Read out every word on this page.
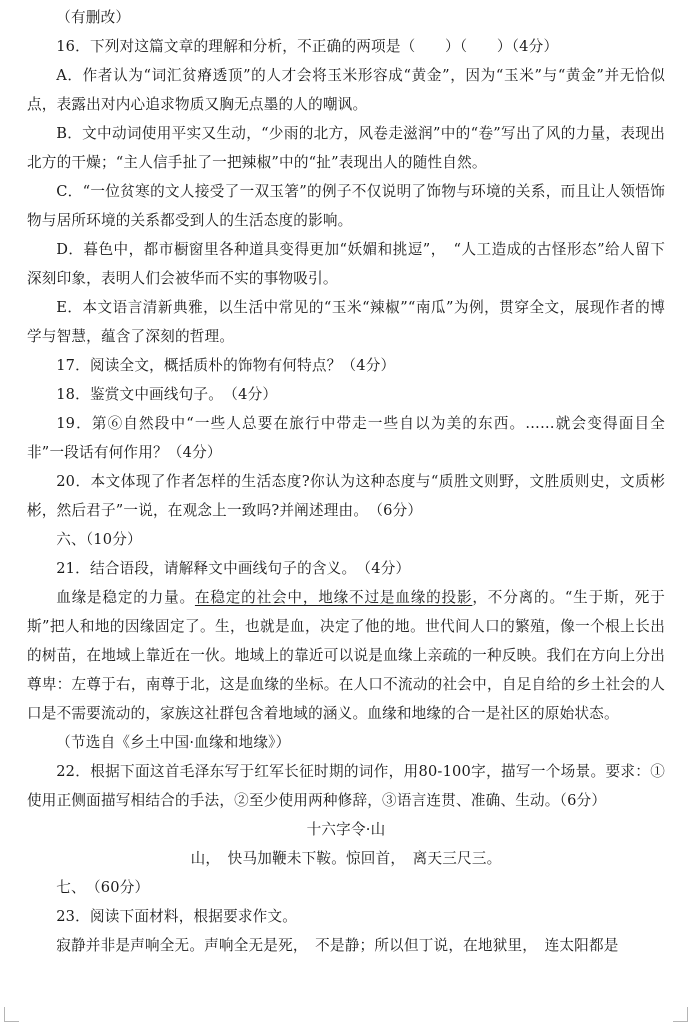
（有删改）

16．下列对这篇文章的理解和分析，不正确的两项是（　　）（　　）（4分）

A．作者认为“词汇贫瘠透顶”的人才会将玉米形容成“黄金”，因为“玉米”与“黄金”并无恰似点，表露出对内心追求物质又胸无点墨的人的嘲讽。

B．文中动词使用平实又生动，“少雨的北方，风卷走滋润”中的“卷”写出了风的力量，表现出北方的干燥；“主人信手扯了一把辣椒”中的“扯”表现出人的随性自然。

C．“一位贫寒的文人接受了一双玉箸”的例子不仅说明了饰物与环境的关系，而且让人领悟饰物与居所环境的关系都受到人的生活态度的影响。

D．暮色中，都市橱窗里各种道具变得更加“妖媚和挑逗”，　“人工造成的古怪形态”给人留下深刻印象，表明人们会被华而不实的事物吸引。

E．本文语言清新典雅，以生活中常见的“玉米“辣椒”“南瓜”为例，贯穿全文，展现作者的博学与智慧，蕴含了深刻的哲理。

17．阅读全文，概括质朴的饰物有何特点？（4分）

18．鉴赏文中画线句子。　（4分）

19．第⑥自然段中“一些人总要在旅行中带走一些自以为美的东西。……就会变得面目全非”一段话有何作用？（4分）

20．本文体现了作者怎样的生活态度?你认为这种态度与“质胜文则野，文胜质则史，文质彬彬，然后君子”一说，在观念上一致吗?并阐述理由。　（6分）

六、（10分）

21．结合语段，请解释文中画线句子的含义。　（4分）

血缘是稳定的力量。在稳定的社会中，地缘不过是血缘的投影，不分离的。“生于斯，死于斯”把人和地的因缘固定了。生，也就是血，决定了他的地。世代间人口的繁殖，像一个根上长出的树苗，在地域上靠近在一伙。地域上的靠近可以说是血缘上亲疏的一种反映。我们在方向上分出尊卑：左尊于右，南尊于北，这是血缘的坐标。在人口不流动的社会中，自足自给的乡土社会的人口是不需要流动的，家族这社群包含着地域的涵义。血缘和地缘的合一是社区的原始状态。

（节选自《乡土中国·血缘和地缘》）

22．根据下面这首毛泽东写于红军长征时期的词作，用80-100字，描写一个场景。要求：①使用正侧面描写相结合的手法，②至少使用两种修辞，③语言连贯、准确、生动。（6分）

十六字令·山

山，　快马加鞭未下鞍。惊回首，　离天三尺三。

七、　（60分）

23．阅读下面材料，根据要求作文。

寂静并非是声响全无。声响全无是死，　不是静；所以但丁说，在地狱里，　连太阳都是
